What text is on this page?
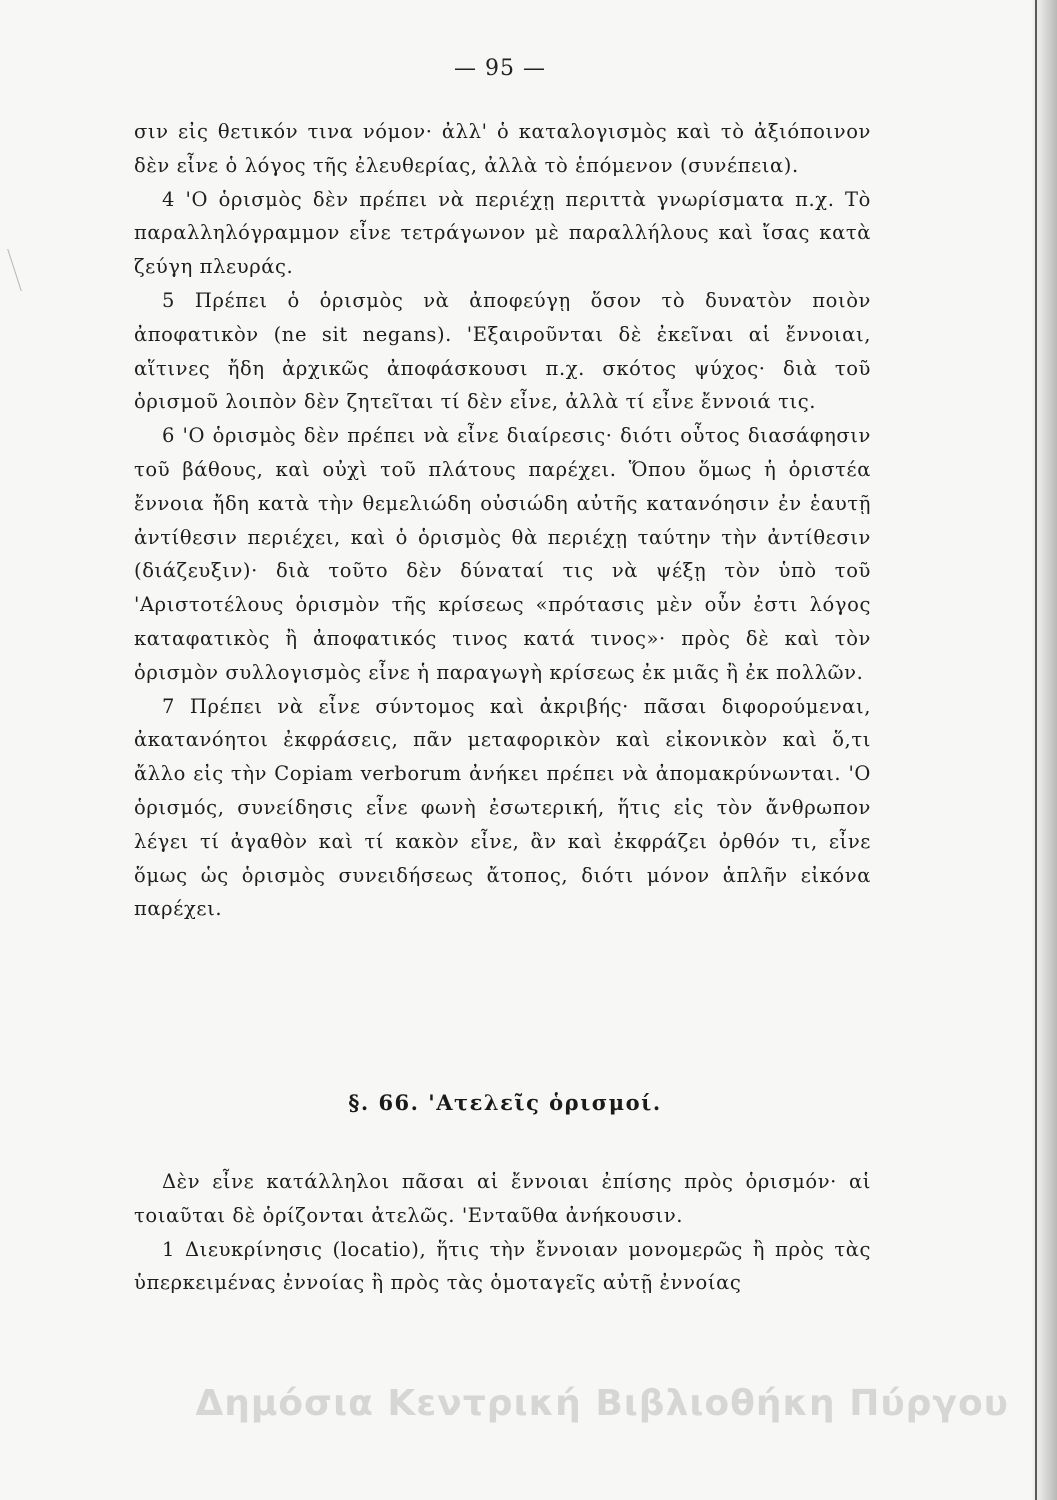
— 95 —

σιν εἰς θετικόν τινα νόμον· ἀλλ' ὁ καταλογισμὸς καὶ τὸ ἀξιόποινον δὲν εἶνε ὁ λόγος τῆς ἐλευθερίας, ἀλλὰ τὸ ἑπόμενον (συνέπεια).

4 'Ο ὁρισμὸς δὲν πρέπει νὰ περιέχῃ περιττὰ γνωρίσματα π.χ. Τὸ παραλληλόγραμμον εἶνε τετράγωνον μὲ παραλλήλους καὶ ἴσας κατὰ ζεύγη πλευράς.

5 Πρέπει ὁ ὁρισμὸς νὰ ἀποφεύγῃ ὅσον τὸ δυνατὸν ποιὸν ἀποφατικὸν (ne sit negans). 'Εξαιροῦνται δὲ ἐκεῖναι αἱ ἔννοιαι, αἵτινες ἤδη ἀρχικῶς ἀποφάσκουσι π.χ. σκότος ψύχος· διὰ τοῦ ὁρισμοῦ λοιπὸν δὲν ζητεῖται τί δὲν εἶνε, ἀλλὰ τί εἶνε ἔννοιά τις.

6 'Ο ὁρισμὸς δὲν πρέπει νὰ εἶνε διαίρεσις· διότι οὗτος διασάφησιν τοῦ βάθους, καὶ οὐχὶ τοῦ πλάτους παρέχει. Ὅπου ὅμως ἡ ὁριστέα ἔννοια ἤδη κατὰ τὴν θεμελιώδη οὐσιώδη αὐτῆς κατανόησιν ἐν ἑαυτῇ ἀντίθεσιν περιέχει, καὶ ὁ ὁρισμὸς θὰ περιέχῃ ταύτην τὴν ἀντίθεσιν (διάζευξιν)· διὰ τοῦτο δὲν δύναταί τις νὰ ψέξῃ τὸν ὑπὸ τοῦ 'Αριστοτέλους ὁρισμὸν τῆς κρίσεως «πρότασις μὲν οὖν ἐστι λόγος καταφατικὸς ἢ ἀποφατικός τινος κατά τινος»· πρὸς δὲ καὶ τὸν ὁρισμὸν συλλογισμὸς εἶνε ἡ παραγωγὴ κρίσεως ἐκ μιᾶς ἢ ἐκ πολλῶν.

7 Πρέπει νὰ εἶνε σύντομος καὶ ἀκριβής· πᾶσαι διφορούμεναι, ἀκατανόητοι ἐκφράσεις, πᾶν μεταφορικὸν καὶ εἰκονικὸν καὶ ὅ,τι ἄλλο εἰς τὴν Copiam verborum ἀνήκει πρέπει νὰ ἀπομακρύνωνται. 'Ο ὁρισμός, συνείδησις εἶνε φωνὴ ἐσωτερική, ἥτις εἰς τὸν ἄνθρωπον λέγει τί ἀγαθὸν καὶ τί κακὸν εἶνε, ἂν καὶ ἐκφράζει ὀρθόν τι, εἶνε ὅμως ὡς ὁρισμὸς συνειδήσεως ἄτοπος, διότι μόνον ἁπλῆν εἰκόνα παρέχει.

§. 66. 'Ατελεῖς ὁρισμοί.

Δὲν εἶνε κατάλληλοι πᾶσαι αἱ ἔννοιαι ἐπίσης πρὸς ὁρισμόν· αἱ τοιαῦται δὲ ὁρίζονται ἀτελῶς. 'Ενταῦθα ἀνήκουσιν.

1 Διευκρίνησις (locatio), ἥτις τὴν ἔννοιαν μονομερῶς ἢ πρὸς τὰς ὑπερκειμένας ἐννοίας ἢ πρὸς τὰς ὁμοταγεῖς αὐτῇ ἐννοίας

Δημόσια Κεντρική Βιβλιοθήκη Πύργου
